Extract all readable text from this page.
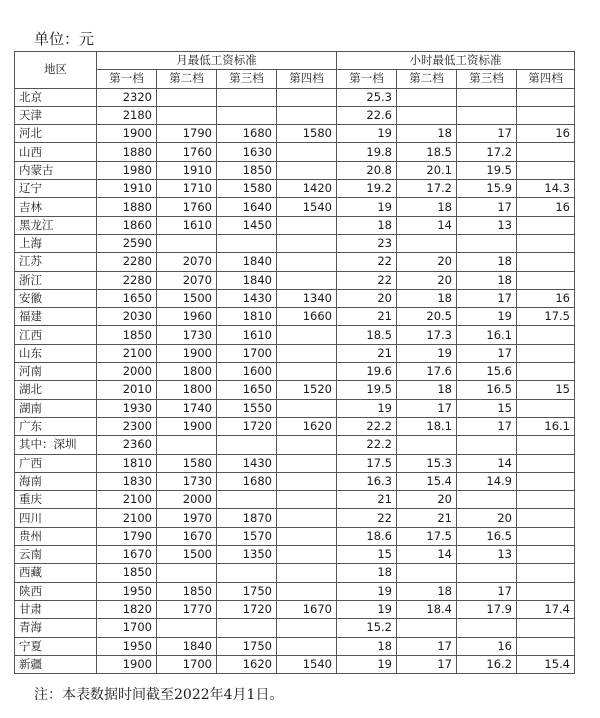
单位：元
地区	月最低工资标准				小时最低工资标准			
	第一档	第二档	第三档	第四档	第一档	第二档	第三档	第四档
北京	2320				25.3			
天津	2180				22.6			
河北	1900	1790	1680	1580	19	18	17	16
山西	1880	1760	1630		19.8	18.5	17.2	
内蒙古	1980	1910	1850		20.8	20.1	19.5	
辽宁	1910	1710	1580	1420	19.2	17.2	15.9	14.3
吉林	1880	1760	1640	1540	19	18	17	16
黑龙江	1860	1610	1450		18	14	13	
上海	2590				23			
江苏	2280	2070	1840		22	20	18	
浙江	2280	2070	1840		22	20	18	
安徽	1650	1500	1430	1340	20	18	17	16
福建	2030	1960	1810	1660	21	20.5	19	17.5
江西	1850	1730	1610		18.5	17.3	16.1	
山东	2100	1900	1700		21	19	17	
河南	2000	1800	1600		19.6	17.6	15.6	
湖北	2010	1800	1650	1520	19.5	18	16.5	15
湖南	1930	1740	1550		19	17	15	
广东	2300	1900	1720	1620	22.2	18.1	17	16.1
其中：深圳	2360				22.2			
广西	1810	1580	1430		17.5	15.3	14	
海南	1830	1730	1680		16.3	15.4	14.9	
重庆	2100	2000			21	20		
四川	2100	1970	1870		22	21	20	
贵州	1790	1670	1570		18.6	17.5	16.5	
云南	1670	1500	1350		15	14	13	
西藏	1850				18			
陕西	1950	1850	1750		19	18	17	
甘肃	1820	1770	1720	1670	19	18.4	17.9	17.4
青海	1700				15.2			
宁夏	1950	1840	1750		18	17	16	
新疆	1900	1700	1620	1540	19	17	16.2	15.4
注：本表数据时间截至2022年4月1日。
